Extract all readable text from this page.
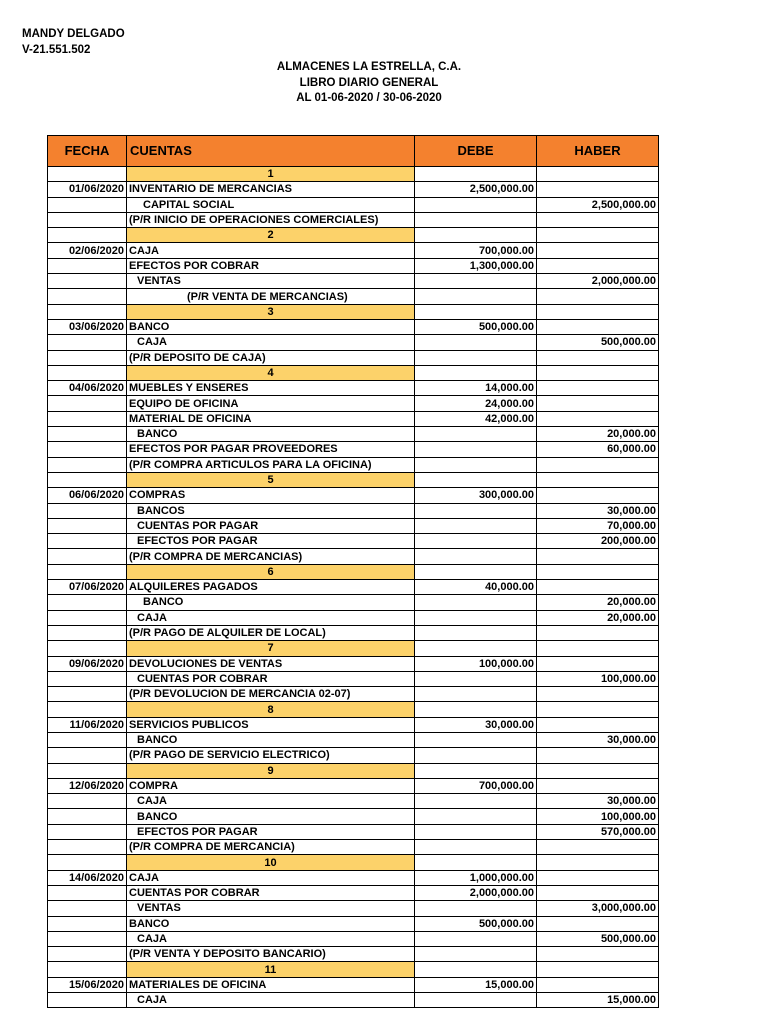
MANDY DELGADO
V-21.551.502
ALMACENES LA ESTRELLA, C.A.
LIBRO DIARIO GENERAL
AL 01-06-2020 / 30-06-2020
FECHA	CUENTAS	DEBE	HABER
	1		
01/06/2020	INVENTARIO DE MERCANCIAS	2,500,000.00	
	CAPITAL SOCIAL		2,500,000.00
	(P/R INICIO DE OPERACIONES COMERCIALES)		
	2		
02/06/2020	CAJA	700,000.00	
	EFECTOS POR COBRAR	1,300,000.00	
	VENTAS		2,000,000.00
	(P/R VENTA DE MERCANCIAS)		
	3		
03/06/2020	BANCO	500,000.00	
	CAJA		500,000.00
	(P/R DEPOSITO DE CAJA)		
	4		
04/06/2020	MUEBLES Y ENSERES	14,000.00	
	EQUIPO DE OFICINA	24,000.00	
	MATERIAL DE OFICINA	42,000.00	
	BANCO		20,000.00
	EFECTOS POR PAGAR PROVEEDORES		60,000.00
	(P/R COMPRA ARTICULOS PARA LA OFICINA)		
	5		
06/06/2020	COMPRAS	300,000.00	
	BANCOS		30,000.00
	CUENTAS POR PAGAR		70,000.00
	EFECTOS POR PAGAR		200,000.00
	(P/R COMPRA DE MERCANCIAS)		
	6		
07/06/2020	ALQUILERES PAGADOS	40,000.00	
	BANCO		20,000.00
	CAJA		20,000.00
	(P/R PAGO DE ALQUILER DE LOCAL)		
	7		
09/06/2020	DEVOLUCIONES DE VENTAS	100,000.00	
	CUENTAS POR COBRAR		100,000.00
	(P/R DEVOLUCION DE MERCANCIA 02-07)		
	8		
11/06/2020	SERVICIOS PUBLICOS	30,000.00	
	BANCO		30,000.00
	(P/R PAGO DE SERVICIO ELECTRICO)		
	9		
12/06/2020	COMPRA	700,000.00	
	CAJA		30,000.00
	BANCO		100,000.00
	EFECTOS POR PAGAR		570,000.00
	(P/R COMPRA DE MERCANCIA)		
	10		
14/06/2020	CAJA	1,000,000.00	
	CUENTAS POR COBRAR	2,000,000.00	
	VENTAS		3,000,000.00
	BANCO	500,000.00	
	CAJA		500,000.00
	(P/R VENTA Y DEPOSITO BANCARIO)		
	11		
15/06/2020	MATERIALES DE OFICINA	15,000.00	
	CAJA		15,000.00
